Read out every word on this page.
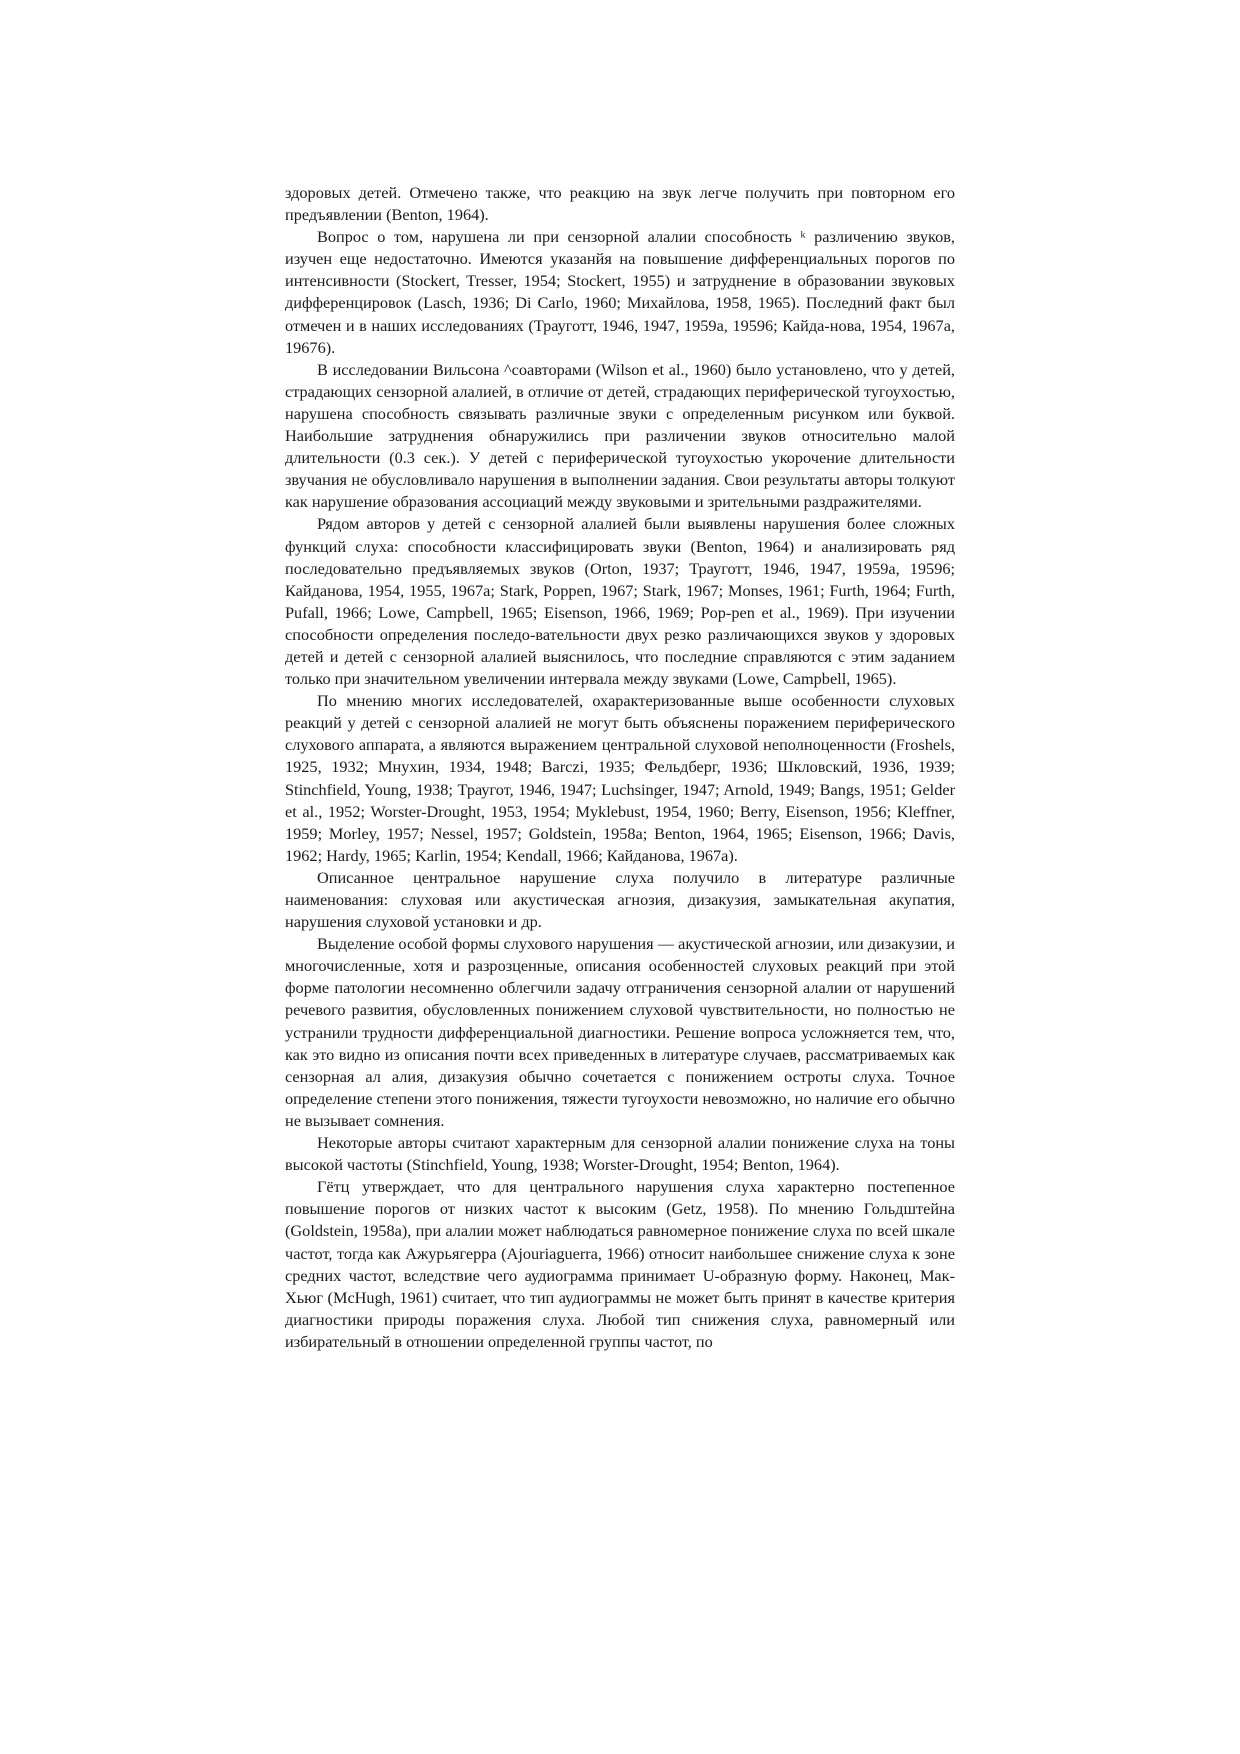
здоровых детей. Отмечено также, что реакцию на звук легче получить при повторном его предъявлении (Benton, 1964).

Вопрос о том, нарушена ли при сензорной алалии способность ᵏ различению звуков, изучен еще недостаточно. Имеются указанйя на повышение дифференциальных порогов по интенсивности (Stockert, Tresser, 1954; Stockert, 1955) и затруднение в образовании звуковых дифференцировок (Lasch, 1936; Di Carlo, 1960; Михайлова, 1958, 1965). Последний факт был отмечен и в наших исследованиях (Трауготт, 1946, 1947, 1959а, 19596; Кайда-нова, 1954, 1967а, 19676).

В исследовании Вильсона ^соавторами (Wilson et al., 1960) было установлено, что у детей, страдающих сензорной алалией, в отличие от детей, страдающих периферической тугоухостью, нарушена способность связывать различные звуки с определенным рисунком или буквой. Наибольшие затруднения обнаружились при различении звуков относительно малой длительности (0.3 сек.). У детей с периферической тугоухостью укорочение длительности звучания не обусловливало нарушения в выполнении задания. Свои результаты авторы толкуют как нарушение образования ассоциаций между звуковыми и зрительными раздражителями.

Рядом авторов у детей с сензорной алалией были выявлены нарушения более сложных функций слуха: способности классифицировать звуки (Benton, 1964) и анализировать ряд последовательно предъявляемых звуков (Orton, 1937; Трауготт, 1946, 1947, 1959а, 19596; Кайданова, 1954, 1955, 1967а; Stark, Poppen, 1967; Stark, 1967; Monses, 1961; Furth, 1964; Furth, Pufall, 1966; Lowe, Campbell, 1965; Eisenson, 1966, 1969; Pop-pen et al., 1969). При изучении способности определения последо-вательности двух резко различающихся звуков у здоровых детей и детей с сензорной алалией выяснилось, что последние справляются с этим заданием только при значительном увеличении интервала между звуками (Lowe, Campbell, 1965).

По мнению многих исследователей, охарактеризованные выше особенности слуховых реакций у детей с сензорной алалией не могут быть объяснены поражением периферического слухового аппарата, а являются выражением центральной слуховой неполноценности (Froshels, 1925, 1932; Мнухин, 1934, 1948; Barczi, 1935; Фельдберг, 1936; Шкловский, 1936, 1939; Stinchfield, Young, 1938; Траугот, 1946, 1947; Luchsinger, 1947; Arnold, 1949; Bangs, 1951; Gelder et al., 1952; Worster-Drought, 1953, 1954; Myklebust, 1954, 1960; Berry, Eisenson, 1956; Kleffner, 1959; Morley, 1957; Nessel, 1957; Goldstein, 1958a; Benton, 1964, 1965; Eisenson, 1966; Davis, 1962; Hardy, 1965; Karlin, 1954; Kendall, 1966; Кайданова, 1967а).

Описанное центральное нарушение слуха получило в литературе различные наименования: слуховая или акустическая агнозия, дизакузия, замыкательная акупатия, нарушения слуховой установки и др.

Выделение особой формы слухового нарушения — акустической агнозии, или дизакузии, и многочисленные, хотя и разрозценные, описания особенностей слуховых реакций при этой форме патологии несомненно облегчили задачу отграничения сензорной алалии от нарушений речевого развития, обусловленных понижением слуховой чувствительности, но полностью не устранили трудности дифференциальной диагностики. Решение вопроса усложняется тем, что, как это видно из описания почти всех приведенных в литературе случаев, рассматриваемых как сензорная ал алия, дизакузия обычно сочетается с понижением остроты слуха. Точное определение степени этого понижения, тяжести тугоухости невозможно, но наличие его обычно не вызывает сомнения.

Некоторые авторы считают характерным для сензорной алалии понижение слуха на тоны высокой частоты (Stinchfield, Young, 1938; Worster-Drought, 1954; Benton, 1964).

Гётц утверждает, что для центрального нарушения слуха характерно постепенное повышение порогов от низких частот к высоким (Getz, 1958). По мнению Гольдштейна (Goldstein, 1958a), при алалии может наблюдаться равномерное понижение слуха по всей шкале частот, тогда как Ажурьягерра (Ajouriaguerra, 1966) относит наибольшее снижение слуха к зоне средних частот, вследствие чего аудиограмма принимает U-образную форму. Наконец, Мак-Хьюг (McHugh, 1961) считает, что тип аудиограммы не может быть принят в качестве критерия диагностики природы поражения слуха. Любой тип снижения слуха, равномерный или избирательный в отношении определенной группы частот, по
